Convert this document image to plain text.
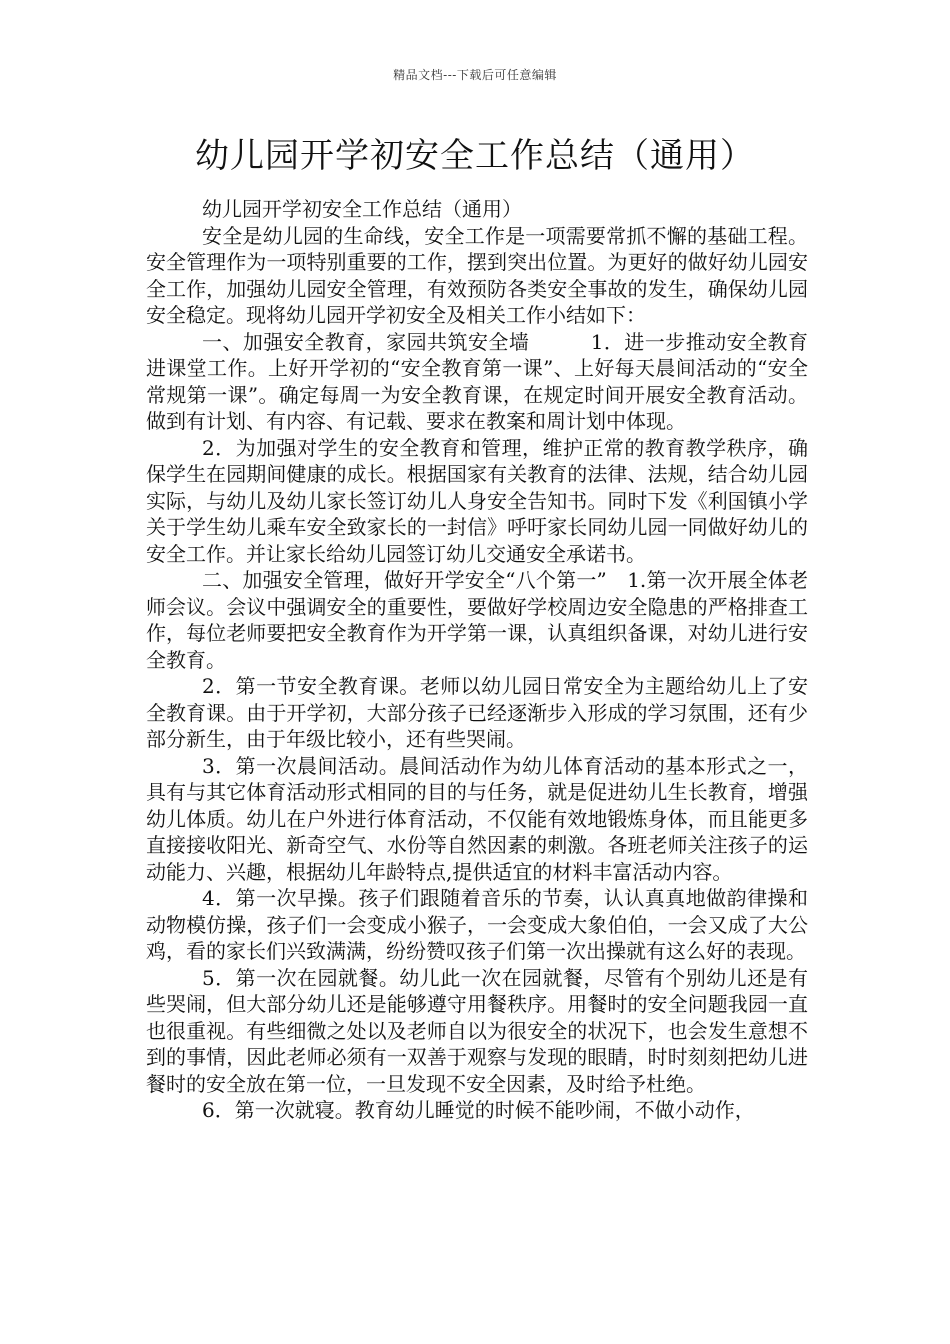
精品文档---下载后可任意编辑
幼儿园开学初安全工作总结（通用）

幼儿园开学初安全工作总结（通用）

安全是幼儿园的生命线，安全工作是一项需要常抓不懈的基础工程。安全管理作为一项特别重要的工作，摆到突出位置。为更好的做好幼儿园安全工作，加强幼儿园安全管理，有效预防各类安全事故的发生，确保幼儿园安全稳定。现将幼儿园开学初安全及相关工作小结如下：

一、加强安全教育，家园共筑安全墙　　　1．进一步推动安全教育进课堂工作。上好开学初的“安全教育第一课”、上好每天晨间活动的“安全常规第一课”。确定每周一为安全教育课，在规定时间开展安全教育活动。做到有计划、有内容、有记载、要求在教案和周计划中体现。

2．为加强对学生的安全教育和管理，维护正常的教育教学秩序，确保学生在园期间健康的成长。根据国家有关教育的法律、法规，结合幼儿园实际，与幼儿及幼儿家长签订幼儿人身安全告知书。同时下发《利国镇小学关于学生幼儿乘车安全致家长的一封信》呼吁家长同幼儿园一同做好幼儿的安全工作。并让家长给幼儿园签订幼儿交通安全承诺书。

二、加强安全管理，做好开学安全“八个第一”　1.第一次开展全体老师会议。会议中强调安全的重要性，要做好学校周边安全隐患的严格排查工作，每位老师要把安全教育作为开学第一课，认真组织备课，对幼儿进行安全教育。

2．第一节安全教育课。老师以幼儿园日常安全为主题给幼儿上了安全教育课。由于开学初，大部分孩子已经逐渐步入形成的学习氛围，还有少部分新生，由于年级比较小，还有些哭闹。

3．第一次晨间活动。晨间活动作为幼儿体育活动的基本形式之一，具有与其它体育活动形式相同的目的与任务，就是促进幼儿生长教育，增强幼儿体质。幼儿在户外进行体育活动，不仅能有效地锻炼身体，而且能更多直接接收阳光、新奇空气、水份等自然因素的刺激。各班老师关注孩子的运动能力、兴趣，根据幼儿年龄特点,提供适宜的材料丰富活动内容。

4．第一次早操。孩子们跟随着音乐的节奏，认认真真地做韵律操和动物模仿操，孩子们一会变成小猴子，一会变成大象伯伯，一会又成了大公鸡，看的家长们兴致满满，纷纷赞叹孩子们第一次出操就有这么好的表现。

5．第一次在园就餐。幼儿此一次在园就餐，尽管有个别幼儿还是有些哭闹，但大部分幼儿还是能够遵守用餐秩序。用餐时的安全问题我园一直也很重视。有些细微之处以及老师自以为很安全的状况下，也会发生意想不到的事情，因此老师必须有一双善于观察与发现的眼睛，时时刻刻把幼儿进餐时的安全放在第一位，一旦发现不安全因素，及时给予杜绝。

6．第一次就寝。教育幼儿睡觉的时候不能吵闹，不做小动作，
